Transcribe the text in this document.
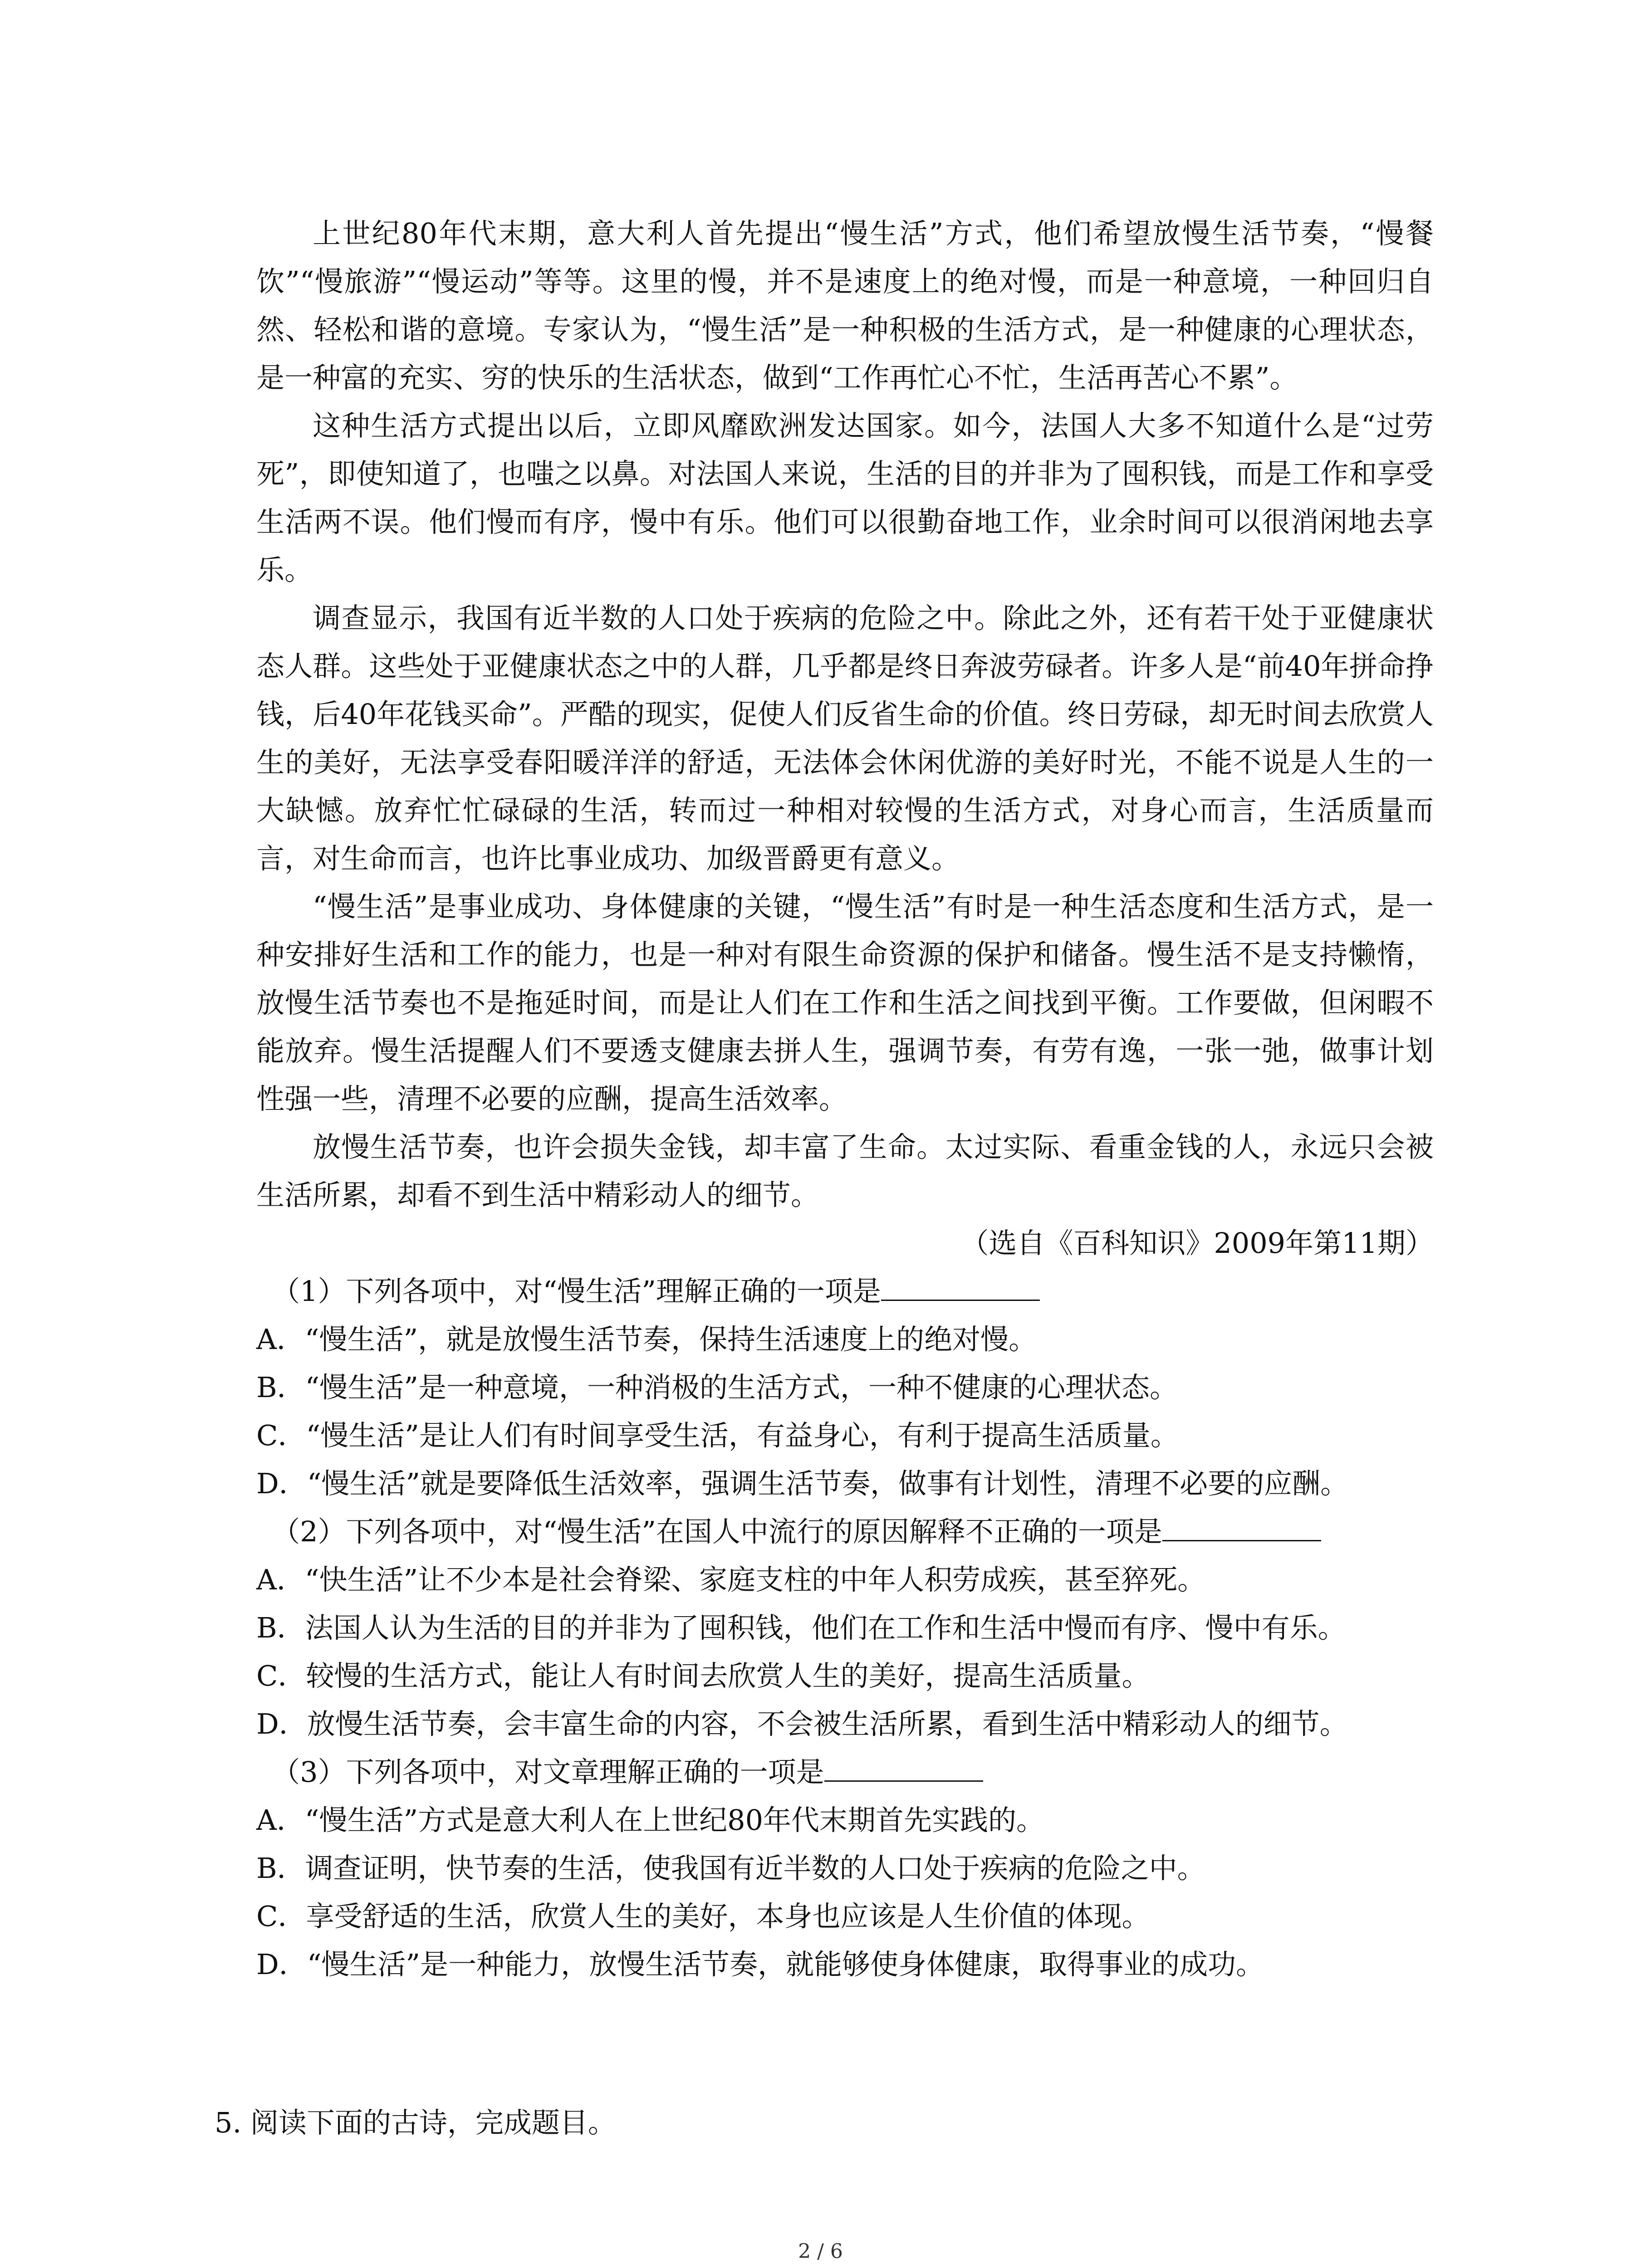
上世纪80年代末期，意大利人首先提出“慢生活”方式，他们希望放慢生活节奏，“慢餐饮”“慢旅游”“慢运动”等等。这里的慢，并不是速度上的绝对慢，而是一种意境，一种回归自然、轻松和谐的意境。专家认为，“慢生活”是一种积极的生活方式，是一种健康的心理状态，是一种富的充实、穷的快乐的生活状态，做到“工作再忙心不忙，生活再苦心不累”。

这种生活方式提出以后，立即风靡欧洲发达国家。如今，法国人大多不知道什么是“过劳死”，即使知道了，也嗤之以鼻。对法国人来说，生活的目的并非为了囤积钱，而是工作和享受生活两不误。他们慢而有序，慢中有乐。他们可以很勤奋地工作，业余时间可以很消闲地去享乐。

调查显示，我国有近半数的人口处于疾病的危险之中。除此之外，还有若干处于亚健康状态人群。这些处于亚健康状态之中的人群，几乎都是终日奔波劳碌者。许多人是“前40年拼命挣钱，后40年花钱买命”。严酷的现实，促使人们反省生命的价值。终日劳碌，却无时间去欣赏人生的美好，无法享受春阳暖洋洋的舒适，无法体会休闲优游的美好时光，不能不说是人生的一大缺憾。放弃忙忙碌碌的生活，转而过一种相对较慢的生活方式，对身心而言，生活质量而言，对生命而言，也许比事业成功、加级晋爵更有意义。

“慢生活”是事业成功、身体健康的关键，“慢生活”有时是一种生活态度和生活方式，是一种安排好生活和工作的能力，也是一种对有限生命资源的保护和储备。慢生活不是支持懒惰，放慢生活节奏也不是拖延时间，而是让人们在工作和生活之间找到平衡。工作要做，但闲暇不能放弃。慢生活提醒人们不要透支健康去拼人生，强调节奏，有劳有逸，一张一弛，做事计划性强一些，清理不必要的应酬，提高生活效率。

放慢生活节奏，也许会损失金钱，却丰富了生命。太过实际、看重金钱的人，永远只会被生活所累，却看不到生活中精彩动人的细节。

（选自《百科知识》2009年第11期）

（1）下列各项中，对“慢生活”理解正确的一项是

A．“慢生活”，就是放慢生活节奏，保持生活速度上的绝对慢。

B．“慢生活”是一种意境，一种消极的生活方式，一种不健康的心理状态。

C．“慢生活”是让人们有时间享受生活，有益身心，有利于提高生活质量。

D．“慢生活”就是要降低生活效率，强调生活节奏，做事有计划性，清理不必要的应酬。

（2）下列各项中，对“慢生活”在国人中流行的原因解释不正确的一项是

A．“快生活”让不少本是社会脊梁、家庭支柱的中年人积劳成疾，甚至猝死。

B．法国人认为生活的目的并非为了囤积钱，他们在工作和生活中慢而有序、慢中有乐。

C．较慢的生活方式，能让人有时间去欣赏人生的美好，提高生活质量。

D．放慢生活节奏，会丰富生命的内容，不会被生活所累，看到生活中精彩动人的细节。

（3）下列各项中，对文章理解正确的一项是

A．“慢生活”方式是意大利人在上世纪80年代末期首先实践的。

B．调查证明，快节奏的生活，使我国有近半数的人口处于疾病的危险之中。

C．享受舒适的生活，欣赏人生的美好，本身也应该是人生价值的体现。

D．“慢生活”是一种能力，放慢生活节奏，就能够使身体健康，取得事业的成功。

5. 阅读下面的古诗，完成题目。

2 / 6
